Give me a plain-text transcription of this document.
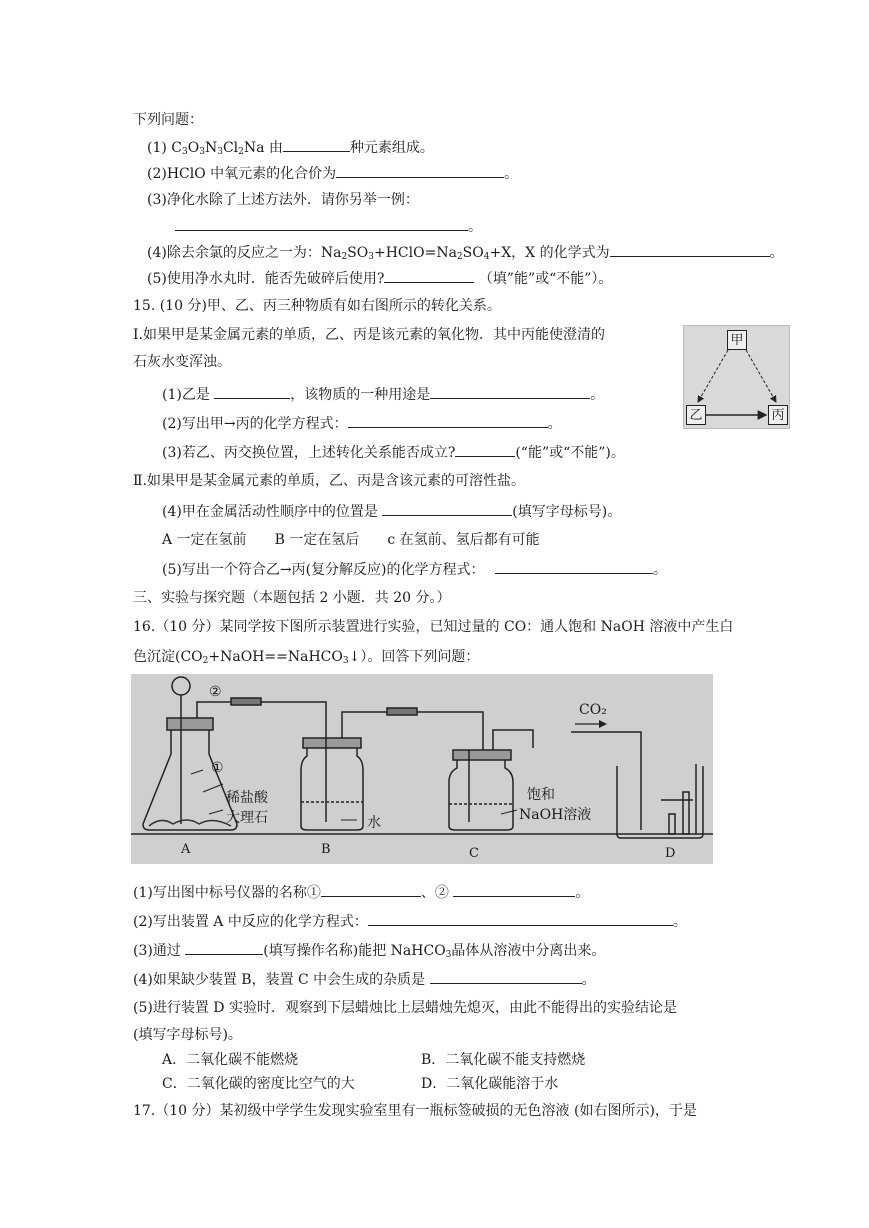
下列问题：
(1) $C_3O_3N_3Cl_2Na$ 由	种元素组成。
(2)HClO 中氧元素的化合价为	。
(3)净化水除了上述方法外．请你另举一例：
。
(4)除去余氯的反应之一为：$Na_2SO_3+HClO=Na_2SO_4+X$，X 的化学式为	。
(5)使用净水丸时．能否先破碎后使用?	（填”能”或“不能”）。
15. (10 分)甲、乙、丙三种物质有如右图所示的转化关系。
Ⅰ.如果甲是某金属元素的单质，乙、丙是该元素的氧化物．其中丙能使澄清的
石灰水变浑浊。
甲
乙	丙
(1)乙是	，该物质的一种用途是	。
(2)写出甲→丙的化学方程式：	。
(3)若乙、丙交换位置，上述转化关系能否成立?	(“能”或“不能”)。
Ⅱ.如果甲是某金属元素的单质，乙、丙是含该元素的可溶性盐。
(4)甲在金属活动性顺序中的位置是	(填写字母标号)。
A 一定在氢前 B 一定在氢后 c 在氢前、氢后都有可能
(5)写出一个符合乙→丙(复分解反应)的化学方程式：	。
三、实验与探究题（本题包括 2 小题．共 20 分。）
16.（10 分）某同学按下图所示装置进行实验，已知过量的 CO：通人饱和 NaOH 溶液中产生白
色沉淀$(CO_2+NaOH==NaHCO_3↓)$。回答下列问题：
②
①
稀盐酸
大理石	水
饱和
NaOH溶液
CO₂
A	B	C	D
(1)写出图中标号仪器的名称①	、②	。
(2)写出装置 A 中反应的化学方程式：	。
(3)通过	(填写操作名称)能把 NaHCO$_3$晶体从溶液中分离出来。
(4)如果缺少装置 B，装置 C 中会生成的杂质是	。
(5)进行装置 D 实验时．观察到下层蜡烛比上层蜡烛先熄灭，由此不能得出的实验结论是
(填写字母标号)。
A．二氧化碳不能燃烧	B．二氧化碳不能支持燃烧
C．二氧化碳的密度比空气的大	D．二氧化碳能溶于水
17.（10 分）某初级中学学生发现实验室里有一瓶标签破损的无色溶液 (如右图所示)，于是
